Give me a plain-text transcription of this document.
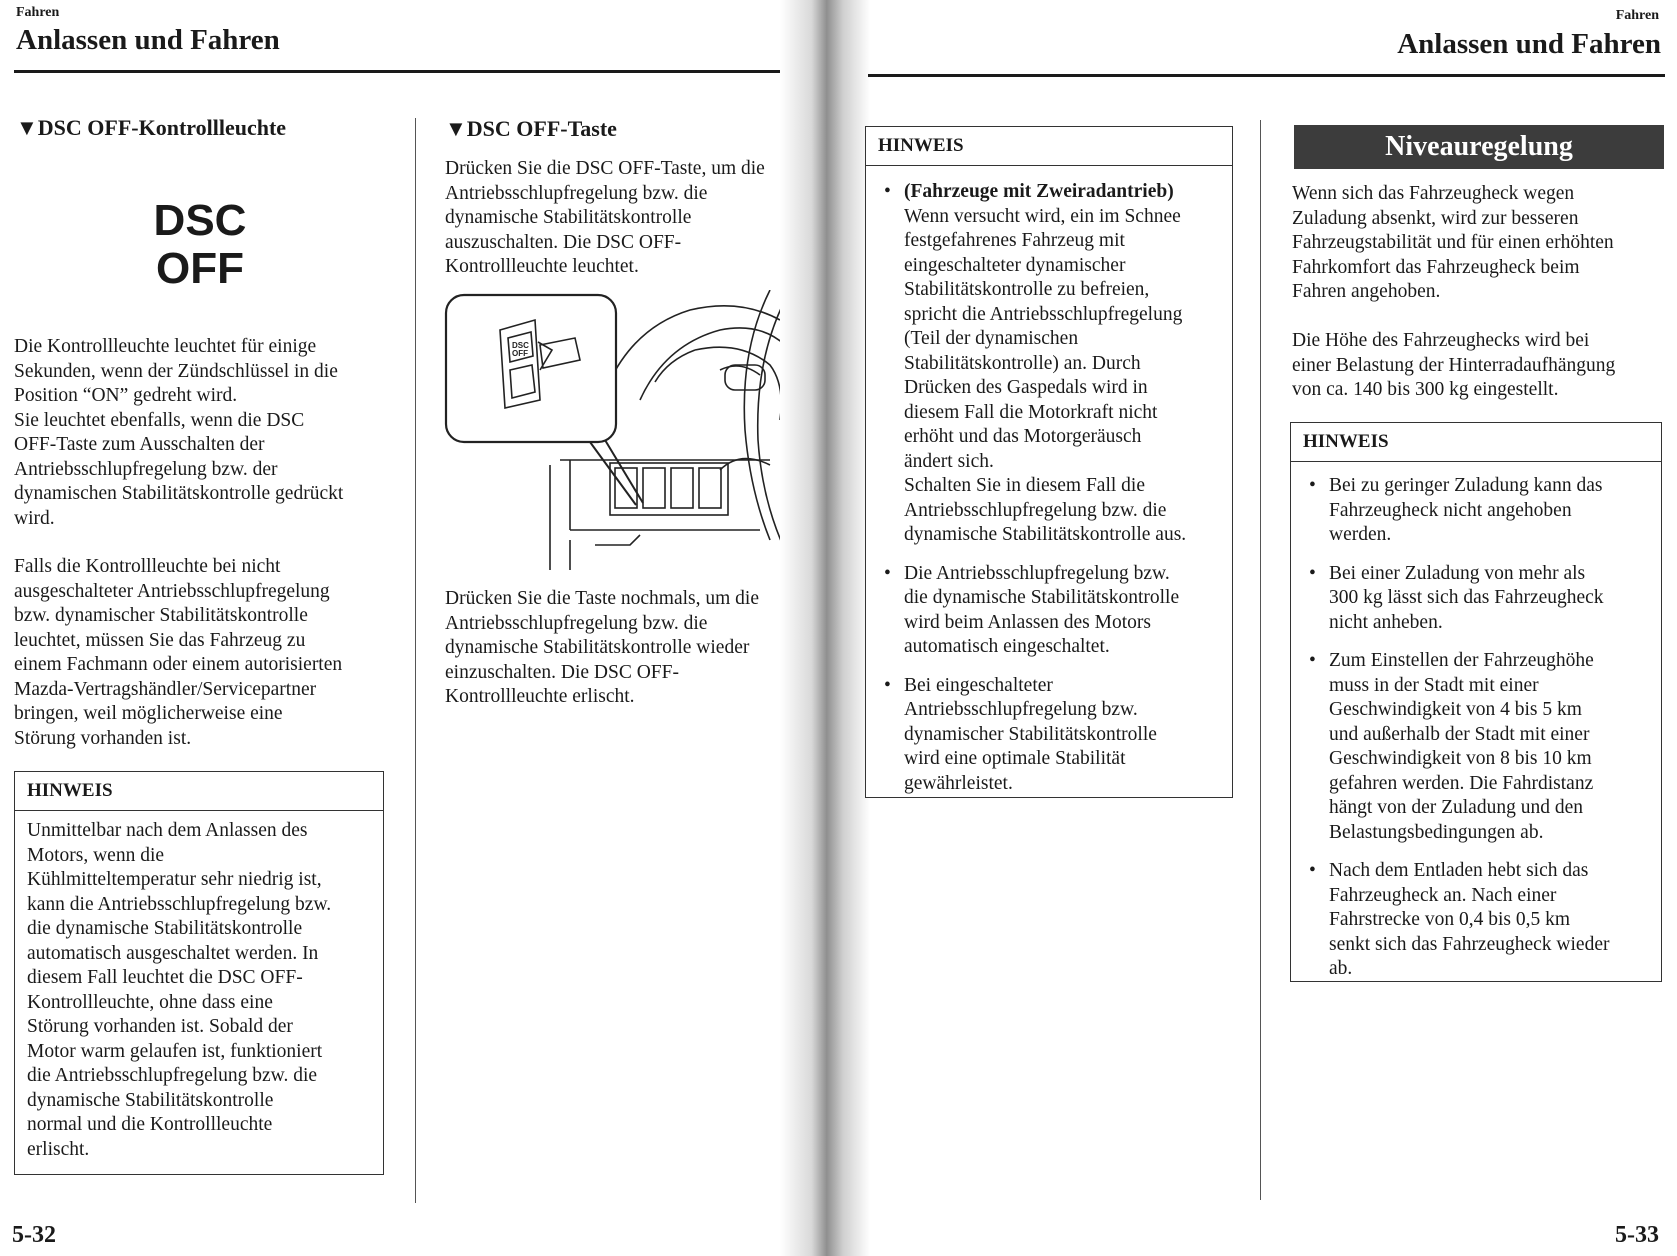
Fahren
Anlassen und Fahren
▼DSC OFF-Kontrollleuchte
DSC
OFF
Die Kontrollleuchte leuchtet für einige
Sekunden, wenn der Zündschlüssel in die
Position “ON” gedreht wird.
Sie leuchtet ebenfalls, wenn die DSC
OFF-Taste zum Ausschalten der
Antriebsschlupfregelung bzw. der
dynamischen Stabilitätskontrolle gedrückt
wird.
Falls die Kontrollleuchte bei nicht
ausgeschalteter Antriebsschlupfregelung
bzw. dynamischer Stabilitätskontrolle
leuchtet, müssen Sie das Fahrzeug zu
einem Fachmann oder einem autorisierten
Mazda-Vertragshändler/Servicepartner
bringen, weil möglicherweise eine
Störung vorhanden ist.
HINWEIS
Unmittelbar nach dem Anlassen des
Motors, wenn die
Kühlmitteltemperatur sehr niedrig ist,
kann die Antriebsschlupfregelung bzw.
die dynamische Stabilitätskontrolle
automatisch ausgeschaltet werden. In
diesem Fall leuchtet die DSC OFF-
Kontrollleuchte, ohne dass eine
Störung vorhanden ist. Sobald der
Motor warm gelaufen ist, funktioniert
die Antriebsschlupfregelung bzw. die
dynamische Stabilitätskontrolle
normal und die Kontrollleuchte
erlischt.
▼DSC OFF-Taste
Drücken Sie die DSC OFF-Taste, um die
Antriebsschlupfregelung bzw. die
dynamische Stabilitätskontrolle
auszuschalten. Die DSC OFF-
Kontrollleuchte leuchtet.
DSC
OFF
Drücken Sie die Taste nochmals, um die
Antriebsschlupfregelung bzw. die
dynamische Stabilitätskontrolle wieder
einzuschalten. Die DSC OFF-
Kontrollleuchte erlischt.
5-32
Fahren
Anlassen und Fahren
HINWEIS
• (Fahrzeuge mit Zweiradantrieb)
Wenn versucht wird, ein im Schnee
festgefahrenes Fahrzeug mit
eingeschalteter dynamischer
Stabilitätskontrolle zu befreien,
spricht die Antriebsschlupfregelung
(Teil der dynamischen
Stabilitätskontrolle) an. Durch
Drücken des Gaspedals wird in
diesem Fall die Motorkraft nicht
erhöht und das Motorgeräusch
ändert sich.
Schalten Sie in diesem Fall die
Antriebsschlupfregelung bzw. die
dynamische Stabilitätskontrolle aus.
• Die Antriebsschlupfregelung bzw.
die dynamische Stabilitätskontrolle
wird beim Anlassen des Motors
automatisch eingeschaltet.
• Bei eingeschalteter
Antriebsschlupfregelung bzw.
dynamischer Stabilitätskontrolle
wird eine optimale Stabilität
gewährleistet.
Niveauregelung
Wenn sich das Fahrzeugheck wegen
Zuladung absenkt, wird zur besseren
Fahrzeugstabilität und für einen erhöhten
Fahrkomfort das Fahrzeugheck beim
Fahren angehoben.
Die Höhe des Fahrzeughecks wird bei
einer Belastung der Hinterradaufhängung
von ca. 140 bis 300 kg eingestellt.
HINWEIS
• Bei zu geringer Zuladung kann das
Fahrzeugheck nicht angehoben
werden.
• Bei einer Zuladung von mehr als
300 kg lässt sich das Fahrzeugheck
nicht anheben.
• Zum Einstellen der Fahrzeughöhe
muss in der Stadt mit einer
Geschwindigkeit von 4 bis 5 km
und außerhalb der Stadt mit einer
Geschwindigkeit von 8 bis 10 km
gefahren werden. Die Fahrdistanz
hängt von der Zuladung und den
Belastungsbedingungen ab.
• Nach dem Entladen hebt sich das
Fahrzeugheck an. Nach einer
Fahrstrecke von 0,4 bis 0,5 km
senkt sich das Fahrzeugheck wieder
ab.
5-33
